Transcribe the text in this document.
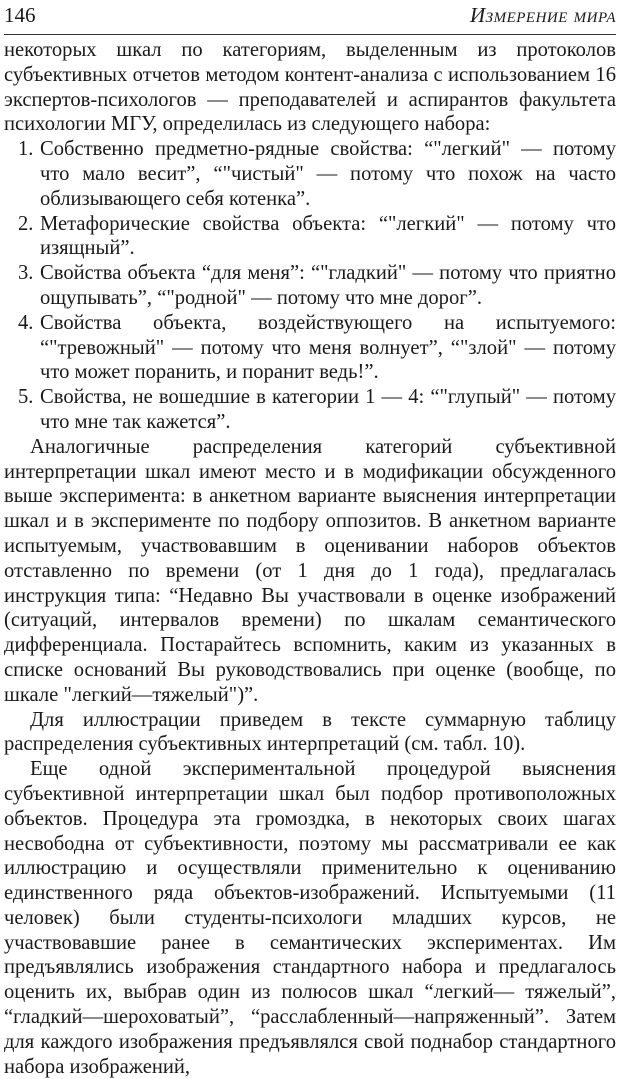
146	Измерение мира

некоторых шкал по категориям, выделенным из протоколов субъективных отчетов методом контент-анализа с использованием 16 экспертов-психологов — преподавателей и аспирантов факультета психологии МГУ, определилась из следующего набора:

1. Собственно предметно-рядные свойства: “"легкий" — потому что мало весит”, “"чистый" — потому что похож на часто облизывающего себя котенка”.
2. Метафорические свойства объекта: “"легкий" — потому что изящный”.
3. Свойства объекта “для меня”: “"гладкий" — потому что приятно ощупывать”, “"родной" — потому что мне дорог”.
4. Свойства объекта, воздействующего на испытуемого: “"тревожный" — потому что меня волнует”, “"злой" — потому что может поранить, и поранит ведь!”.
5. Свойства, не вошедшие в категории 1 — 4: “"глупый" — потому что мне так кажется”.

Аналогичные распределения категорий субъективной интерпретации шкал имеют место и в модификации обсужденного выше эксперимента: в анкетном варианте выяснения интерпретации шкал и в эксперименте по подбору оппозитов. В анкетном варианте испытуемым, участвовавшим в оценивании наборов объектов отставленно по времени (от 1 дня до 1 года), предлагалась инструкция типа: “Недавно Вы участвовали в оценке изображений (ситуаций, интервалов времени) по шкалам семантического дифференциала. Постарайтесь вспомнить, каким из указанных в списке оснований Вы руководствовались при оценке (вообще, по шкале "легкий—тяжелый")”.

Для иллюстрации приведем в тексте суммарную таблицу распределения субъективных интерпретаций (см. табл. 10).

Еще одной экспериментальной процедурой выяснения субъективной интерпретации шкал был подбор противоположных объектов. Процедура эта громоздка, в некоторых своих шагах несвободна от субъективности, поэтому мы рассматривали ее как иллюстрацию и осуществляли применительно к оцениванию единственного ряда объектов-изображений. Испытуемыми (11 человек) были студенты-психологи младших курсов, не участвовавшие ранее в семантических экспериментах. Им предъявлялись изображения стандартного набора и предлагалось оценить их, выбрав один из полюсов шкал “легкий— тяжелый”, “гладкий—шероховатый”, “расслабленный—напряженный”. Затем для каждого изображения предъявлялся свой поднабор стандартного набора изображений,
